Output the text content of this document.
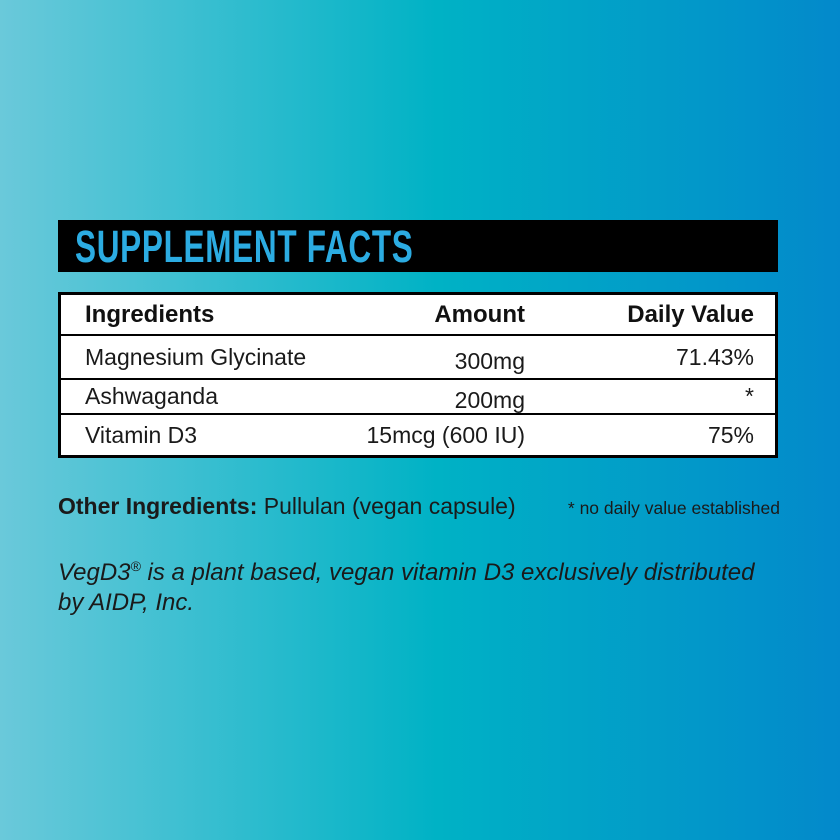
SUPPLEMENT FACTS
Ingredients	Amount	Daily Value
Magnesium Glycinate	300mg	71.43%
Ashwaganda	200mg	*
Vitamin D3	15mcg (600 IU)	75%
Other Ingredients: Pullulan (vegan capsule)	* no daily value established
VegD3® is a plant based, vegan vitamin D3 exclusively distributed
by AIDP, Inc.
